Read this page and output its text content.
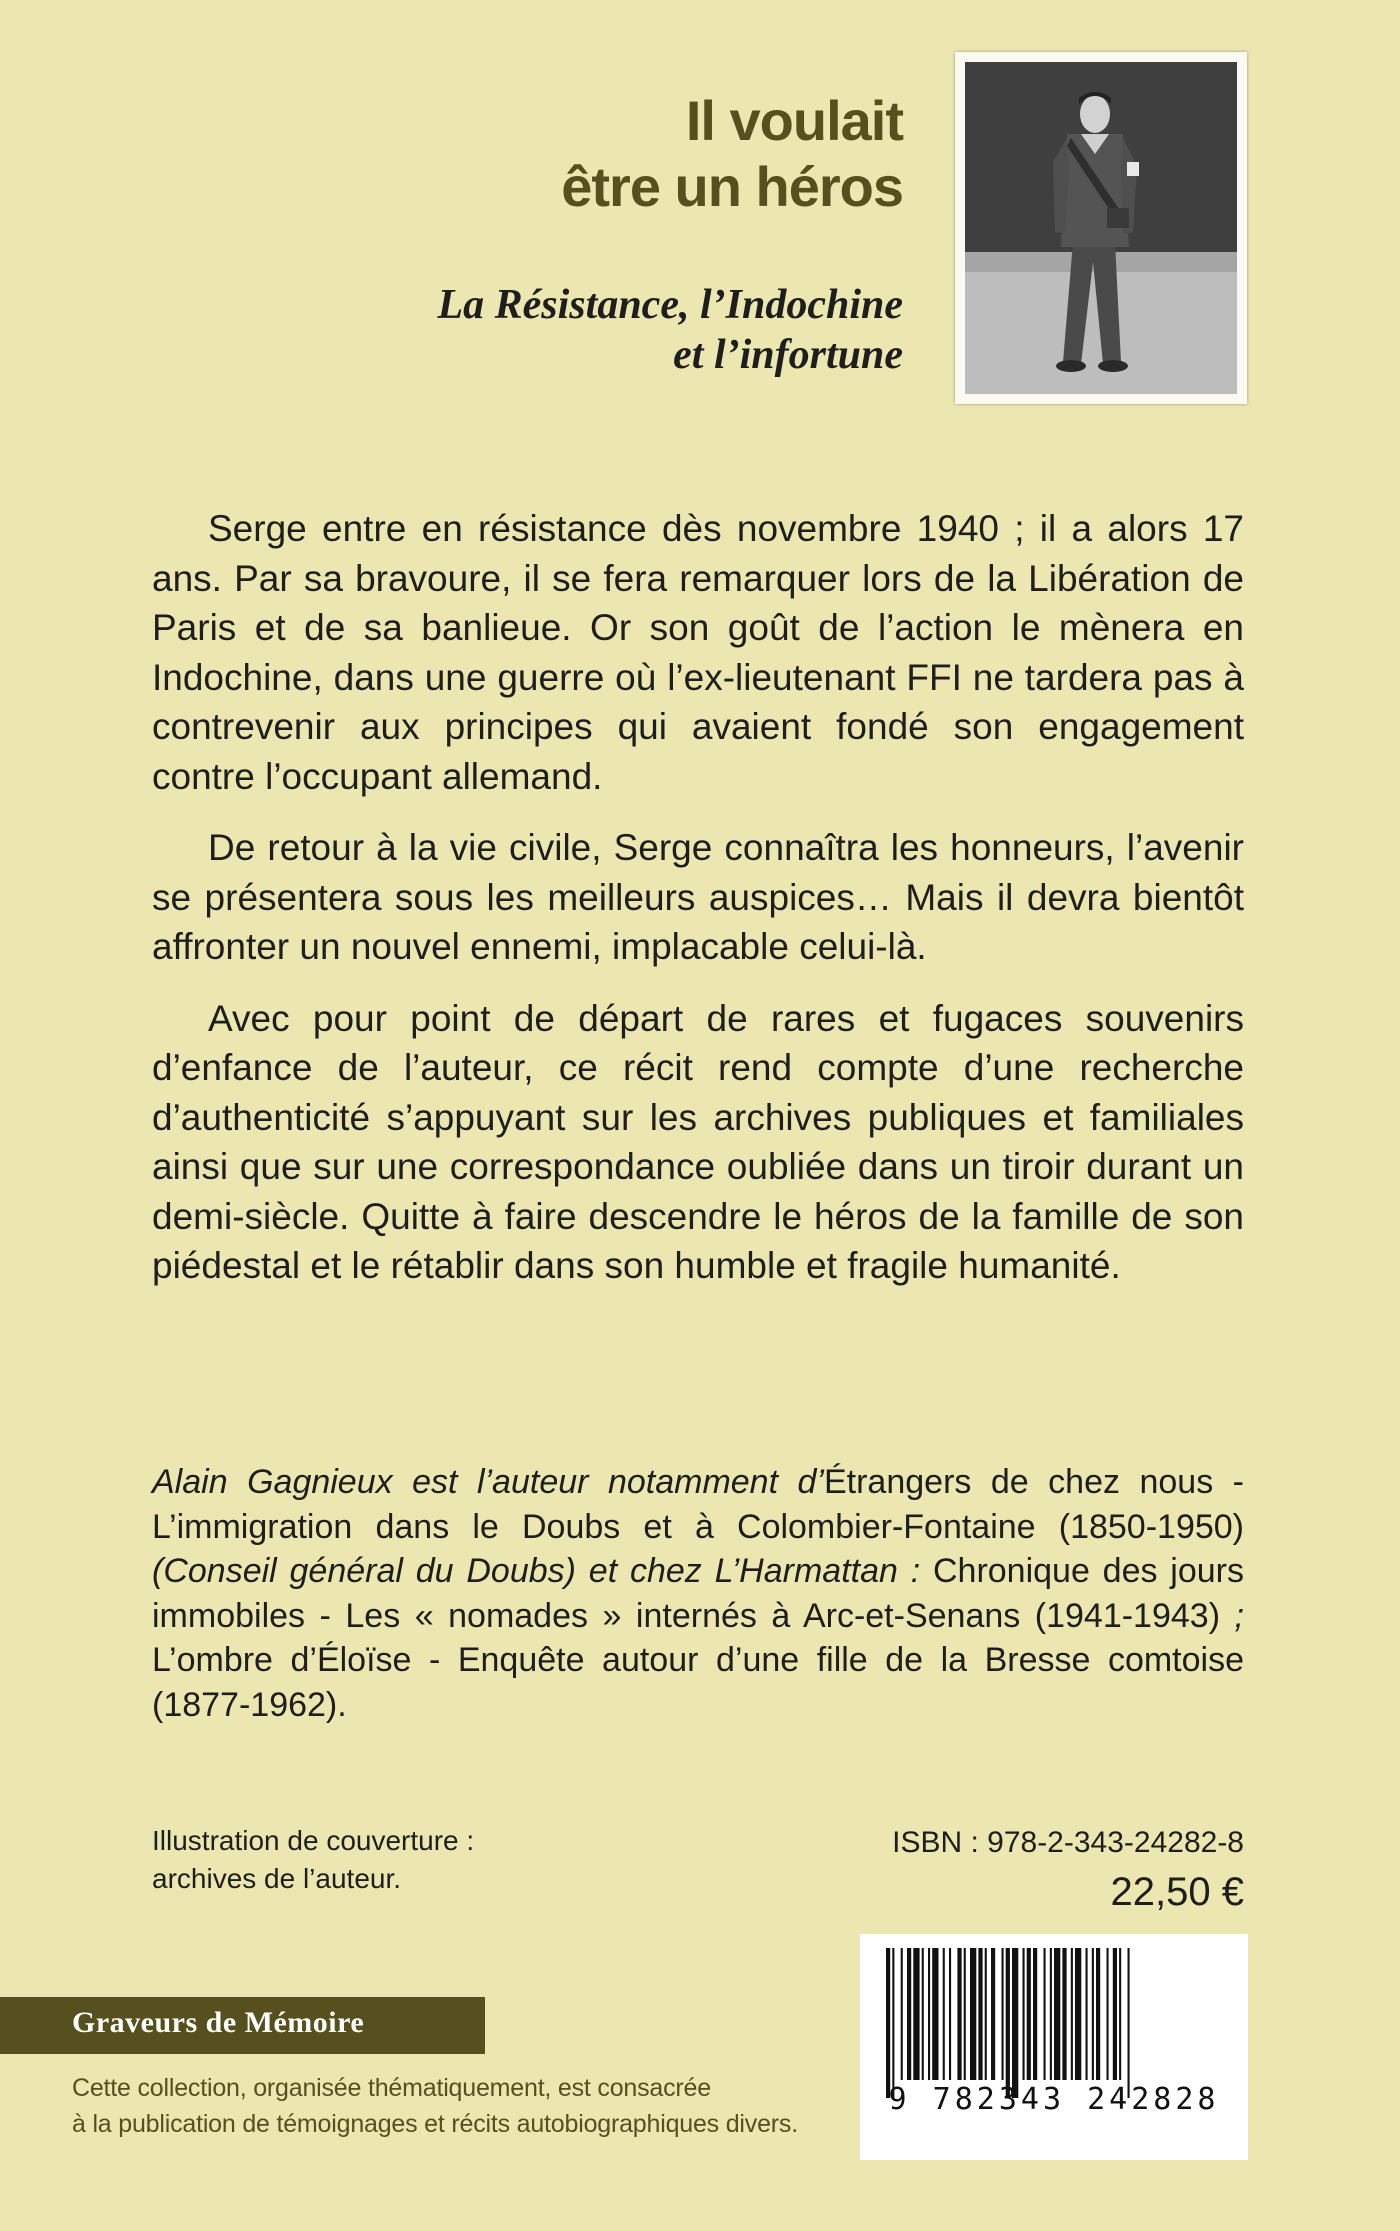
Il voulait
être un héros
La Résistance, l’Indochine
et l’infortune

Serge entre en résistance dès novembre 1940 ; il a alors 17 ans. Par sa bravoure, il se fera remarquer lors de la Libération de Paris et de sa banlieue. Or son goût de l’action le mènera en Indochine, dans une guerre où l’ex-lieutenant FFI ne tardera pas à contrevenir aux principes qui avaient fondé son engagement contre l’occupant allemand.

De retour à la vie civile, Serge connaîtra les honneurs, l’avenir se présentera sous les meilleurs auspices… Mais il devra bientôt affronter un nouvel ennemi, implacable celui-là.

Avec pour point de départ de rares et fugaces souvenirs d’enfance de l’auteur, ce récit rend compte d’une recherche d’authenticité s’appuyant sur les archives publiques et familiales ainsi que sur une correspondance oubliée dans un tiroir durant un demi-siècle. Quitte à faire descendre le héros de la famille de son piédestal et le rétablir dans son humble et fragile humanité.

Alain Gagnieux est l’auteur notamment d’Étrangers de chez nous - L’immigration dans le Doubs et à Colombier-Fontaine (1850-1950) (Conseil général du Doubs) et chez L’Harmattan : Chronique des jours immobiles - Les « nomades » internés à Arc-et-Senans (1941-1943) ; L’ombre d’Éloïse - Enquête autour d’une fille de la Bresse comtoise (1877-1962).

Illustration de couverture :
archives de l’auteur.
ISBN : 978-2-343-24282-8
22,50 €
9 782343 242828
Graveurs de Mémoire
Cette collection, organisée thématiquement, est consacrée
à la publication de témoignages et récits autobiographiques divers.
